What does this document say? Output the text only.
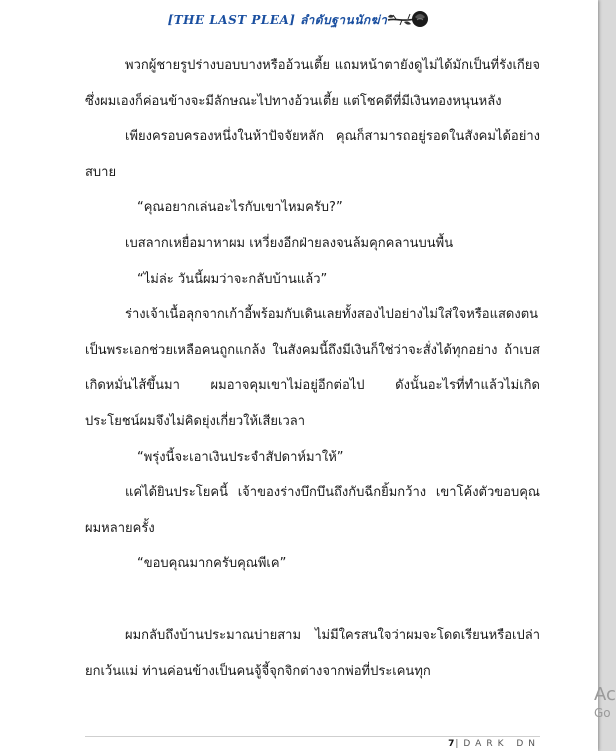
[THE LAST PLEA] ลำดับฐานนักฆ่า

พวกผู้ชายรูปร่างบอบบางหรืออ้วนเตี้ย แถมหน้าตายังดูไม่ได้มักเป็นที่รังเกียจ ซึ่งผมเองก็ค่อนข้างจะมีลักษณะไปทางอ้วนเตี้ย แต่โชคดีที่มีเงินทองหนุนหลัง

เพียงครอบครองหนึ่งในห้าปัจจัยหลัก คุณก็สามารถอยู่รอดในสังคมได้อย่างสบาย

“คุณอยากเล่นอะไรกับเขาไหมครับ?”

เบสลากเหยื่อมาหาผม เหวี่ยงอีกฝ่ายลงจนล้มคุกคลานบนพื้น

“ไม่ล่ะ วันนี้ผมว่าจะกลับบ้านแล้ว”

ร่างเจ้าเนื้อลุกจากเก้าอี้พร้อมกับเดินเลยทั้งสองไปอย่างไม่ใส่ใจหรือแสดงตนเป็นพระเอกช่วยเหลือคนถูกแกล้ง ในสังคมนี้ถึงมีเงินก็ใช่ว่าจะสั่งได้ทุกอย่าง ถ้าเบสเกิดหมั่นไส้ขึ้นมา ผมอาจคุมเขาไม่อยู่อีกต่อไป ดังนั้นอะไรที่ทำแล้วไม่เกิดประโยชน์ผมจึงไม่คิดยุ่งเกี่ยวให้เสียเวลา

“พรุ่งนี้จะเอาเงินประจำสัปดาห์มาให้”

แค่ได้ยินประโยคนี้ เจ้าของร่างบึกบึนถึงกับฉีกยิ้มกว้าง เขาโค้งตัวขอบคุณผมหลายครั้ง

“ขอบคุณมากครับคุณพีเค”

ผมกลับถึงบ้านประมาณบ่ายสาม ไม่มีใครสนใจว่าผมจะโดดเรียนหรือเปล่ายกเว้นแม่ ท่านค่อนข้างเป็นคนจู้จี้จุกจิกต่างจากพ่อที่ประเคนทุก

7|DARK DN
Ac
Go
